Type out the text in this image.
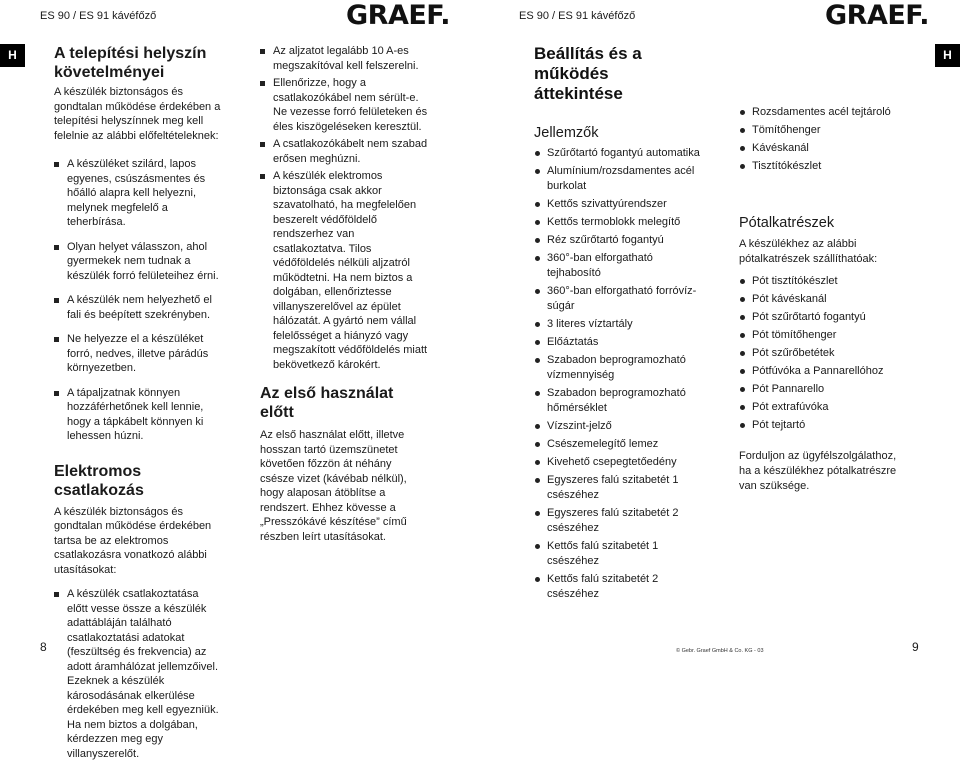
ES 90 / ES 91 kávéfőző	GRAEF.	ES 90 / ES 91 kávéfőző	GRAEF.
H	H
A telepítési helyszín követelményei

A készülék biztonságos és gondtalan működése érdekében a telepítési helyszínnek meg kell felelnie az alábbi előfeltételeknek:

A készüléket szilárd, lapos egyenes, csúszásmentes és hőálló alapra kell helyezni, melynek megfelelő a teherbírása.
Olyan helyet válasszon, ahol gyermekek nem tudnak a készülék forró felületeihez érni.
A készülék nem helyezhető el fali és beépített szekrényben.
Ne helyezze el a készüléket forró, nedves, illetve párádús környezetben.
A tápaljzatnak könnyen hozzáférhetőnek kell lennie, hogy a tápkábelt könnyen ki lehessen húzni.
Elektromos csatlakozás

A készülék biztonságos és gondtalan működése érdekében tartsa be az elektromos csatlakozásra vonatkozó alábbi utasításokat:

A készülék csatlakoztatása előtt vesse össze a készülék adattábláján található csatlakoztatási adatokat (feszültség és frekvencia) az adott áramhálózat jellemzőivel. Ezeknek a készülék károsodásának elkerülése érdekében meg kell egyezniük. Ha nem biztos a dolgában, kérdezzen meg egy villanyszerelőt.
Az aljzatot legalább 10 A-es megszakítóval kell felszerelni.
Ellenőrizze, hogy a csatlakozókábel nem sérült-e. Ne vezesse forró felületeken és éles kiszögeléseken keresztül.
A csatlakozókábelt nem szabad erősen meghúzni.
A készülék elektromos biztonsága csak akkor szavatolható, ha megfelelően beszerelt védőföldelő rendszerhez van csatlakoztatva. Tilos védőföldelés nélküli aljzatról működtetni. Ha nem biztos a dolgában, ellenőriztesse villanyszerelővel az épület hálózatát. A gyártó nem vállal felelősséget a hiányzó vagy megszakított védőföldelés miatt bekövetkező károkért.
Az első használat előtt

Az első használat előtt, illetve hosszan tartó üzemszünetet követően főzzön át néhány csésze vizet (kávébab nélkül), hogy alaposan átöblítse a rendszert. Ehhez kövesse a „Presszókávé készítése” című részben leírt utasításokat.

Beállítás és a működés áttekintése
Jellemzők
Szűrőtartó fogantyú automatika
Alumínium/rozsdamentes acél burkolat
Kettős szivattyúrendszer
Kettős termoblokk melegítő
Réz szűrőtartó fogantyú
360°-ban elforgatható tejhabosító
360°-ban elforgatható forróvíz-súgár
3 literes víztartály
Előáztatás
Szabadon beprogramozható vízmennyiség
Szabadon beprogramozható hőmérséklet
Vízszint-jelző
Csészemelegítő lemez
Kivehető csepegtetőedény
Egyszeres falú szitabetét 1 csészéhez
Egyszeres falú szitabetét 2 csészéhez
Kettős falú szitabetét 1 csészéhez
Kettős falú szitabetét 2 csészéhez
Rozsdamentes acél tejtároló
Tömítőhenger
Kávéskanál
Tisztítókészlet
Pótalkatrészek

A készülékhez az alábbi pótalkatrészek szállíthatóak:

Pót tisztítókészlet
Pót kávéskanál
Pót szűrőtartó fogantyú
Pót tömítőhenger
Pót szűrőbetétek
Pótfúvóka a Pannarellóhoz
Pót Pannarello
Pót extrafúvóka
Pót tejtartó

Forduljon az ügyfélszolgálathoz, ha a készülékhez pótalkatrészre van szüksége.

8	© Gebr. Graef GmbH & Co. KG - 03	9
